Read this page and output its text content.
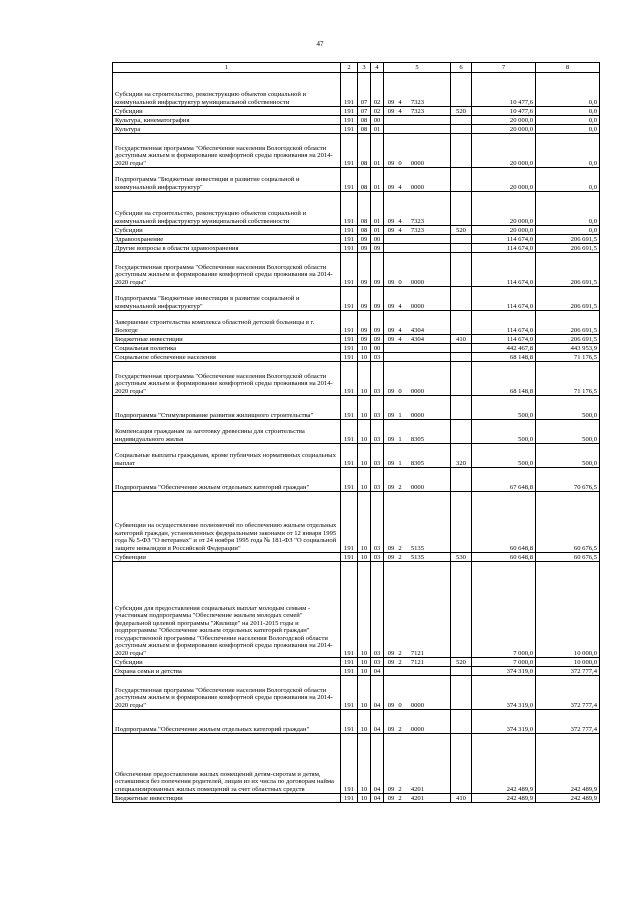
47
1	2	3	4	5	6	7	8
Субсидии на строительство, реконструкцию объектов социальной и коммунальной инфраструктур муниципальной собственности	191	07	02	09 4 7323		10 477,6	0,0
Субсидии	191	07	02	09 4 7323	520	10 477,6	0,0
Культура, кинематография	191	08	00			20 000,0	0,0
Культура	191	08	01			20 000,0	0,0
Государственная программа "Обеспечение населения Вологодской области доступным жильем и формирование комфортной среды проживания на 2014-2020 годы"	191	08	01	09 0 0000		20 000,0	0,0
Подпрограмма "Бюджетные инвестиции в развитие социальной и коммунальной инфраструктур"	191	08	01	09 4 0000		20 000,0	0,0
Субсидии на строительство, реконструкцию объектов социальной и коммунальной инфраструктур муниципальной собственности	191	08	01	09 4 7323		20 000,0	0,0
Субсидии	191	08	01	09 4 7323	520	20 000,0	0,0
Здравоохранение	191	09	00			114 674,0	206 691,5
Другие вопросы в области здравоохранения	191	09	09			114 674,0	206 691,5
Государственная программа "Обеспечение населения Вологодской области доступным жильем и формирование комфортной среды проживания на 2014-2020 годы"	191	09	09	09 0 0000		114 674,0	206 691,5
Подпрограмма "Бюджетные инвестиции в развитие социальной и коммунальной инфраструктур"	191	09	09	09 4 0000		114 674,0	206 691,5
Завершение строительства комплекса областной детской больницы в г. Вологде	191	09	09	09 4 4304		114 674,0	206 691,5
Бюджетные инвестиции	191	09	09	09 4 4304	410	114 674,0	206 691,5
Социальная политика	191	10	00			442 467,8	443 953,9
Социальное обеспечение населения	191	10	03			68 148,8	71 176,5
Государственная программа "Обеспечение населения Вологодской области доступным жильем и формирование комфортной среды проживания на 2014-2020 годы"	191	10	03	09 0 0000		68 148,8	71 176,5
Подпрограмма "Стимулирование развития жилищного строительства"	191	10	03	09 1 0000		500,0	500,0
Компенсация гражданам за заготовку древесины для строительства индивидуального жилья	191	10	03	09 1 8305		500,0	500,0
Социальные выплаты гражданам, кроме публичных нормативных социальных выплат	191	10	03	09 1 8305	320	500,0	500,0
Подпрограмма "Обеспечение жильем отдельных категорий граждан"	191	10	03	09 2 0000		67 648,8	70 676,5
Субвенции на осуществление полномочий по обеспечению жильем отдельных категорий граждан, установленных федеральными законами от 12 января 1995 года № 5-ФЗ "О ветеранах" и от 24 ноября 1995 года № 181-ФЗ "О социальной защите инвалидов в Российской Федерации"	191	10	03	09 2 5135		60 648,8	60 676,5
Субвенции	191	10	03	09 2 5135	530	60 648,8	60 676,5
Субсидия для предоставления социальных выплат молодым семьям - участникам подпрограммы "Обеспечение жильем молодых семей" федеральной целевой программы "Жилище" на 2011-2015 годы и подпрограммы "Обеспечение жильем отдельных категорий граждан" государственной программы "Обеспечение населения Вологодской области доступным жильем и формирование комфортной среды проживания на 2014-2020 годы"	191	10	03	09 2 7121		7 000,0	10 000,0
Субсидии	191	10	03	09 2 7121	520	7 000,0	10 000,0
Охрана семьи и детства	191	10	04			374 319,0	372 777,4
Государственная программа "Обеспечение населения Вологодской области доступным жильем и формирование комфортной среды проживания на 2014-2020 годы"	191	10	04	09 0 0000		374 319,0	372 777,4
Подпрограмма "Обеспечение жильем отдельных категорий граждан"	191	10	04	09 2 0000		374 319,0	372 777,4
Обеспечение предоставления жилых помещений детям-сиротам и детям, оставшимся без попечения родителей, лицам из их числа по договорам найма специализированных жилых помещений за счет областных средств	191	10	04	09 2 4201		242 489,9	242 489,9
Бюджетные инвестиции	191	10	04	09 2 4201	410	242 489,9	242 489,9
